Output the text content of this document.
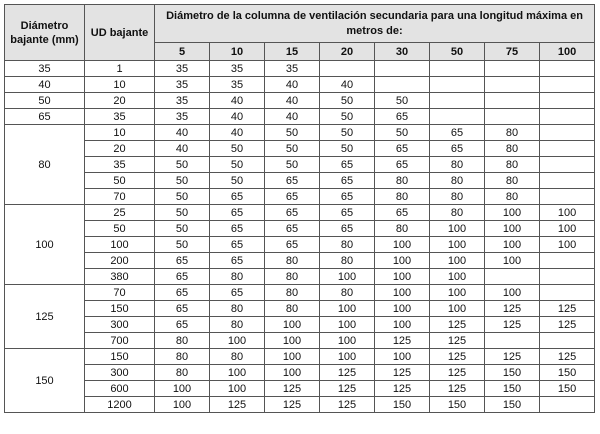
Diámetro bajante (mm)	UD bajante	Diámetro de la columna de ventilación secundaria para una longitud máxima en metros de:							
		5	10	15	20	30	50	75	100
35	1	35	35	35					
40	10	35	35	40	40				
50	20	35	40	40	50	50			
65	35	35	40	40	50	65			
80	10	40	40	50	50	50	65	80	
	20	40	50	50	50	65	65	80	
	35	50	50	50	65	65	80	80	
	50	50	50	65	65	80	80	80	
	70	50	65	65	65	80	80	80	
100	25	50	65	65	65	65	80	100	100
	50	50	65	65	65	80	100	100	100
	100	50	65	65	80	100	100	100	100
	200	65	65	80	80	100	100	100	
	380	65	80	80	100	100	100		
125	70	65	65	80	80	100	100	100	
	150	65	80	80	100	100	100	125	125
	300	65	80	100	100	100	125	125	125
	700	80	100	100	100	125	125		
150	150	80	80	100	100	100	125	125	125
	300	80	100	100	125	125	125	150	150
	600	100	100	125	125	125	125	150	150
	1200	100	125	125	125	150	150	150	
